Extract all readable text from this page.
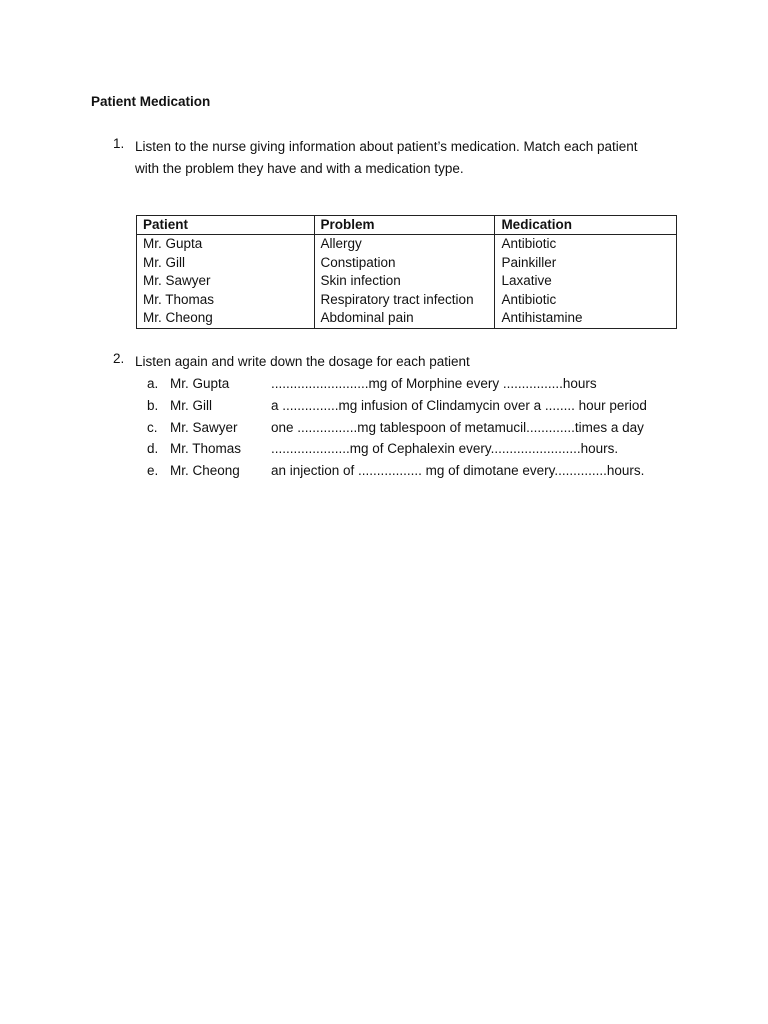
Patient Medication
1. Listen to the nurse giving information about patient’s medication. Match each patient
with the problem they have and with a medication type.
Patient	Problem	Medication
Mr. Gupta	Allergy	Antibiotic
Mr. Gill	Constipation	Painkiller
Mr. Sawyer	Skin infection	Laxative
Mr. Thomas	Respiratory tract infection	Antibiotic
Mr. Cheong	Abdominal pain	Antihistamine
2. Listen again and write down the dosage for each patient
a. Mr. Gupta	..........................mg of Morphine every ................hours
b. Mr. Gill	a ...............mg infusion of Clindamycin over a ........ hour period
c. Mr. Sawyer one ................mg tablespoon of metamucil.............times a day
d. Mr. Thomas .....................mg of Cephalexin every........................hours.
e. Mr. Cheong an injection of ................. mg of dimotane every..............hours.
